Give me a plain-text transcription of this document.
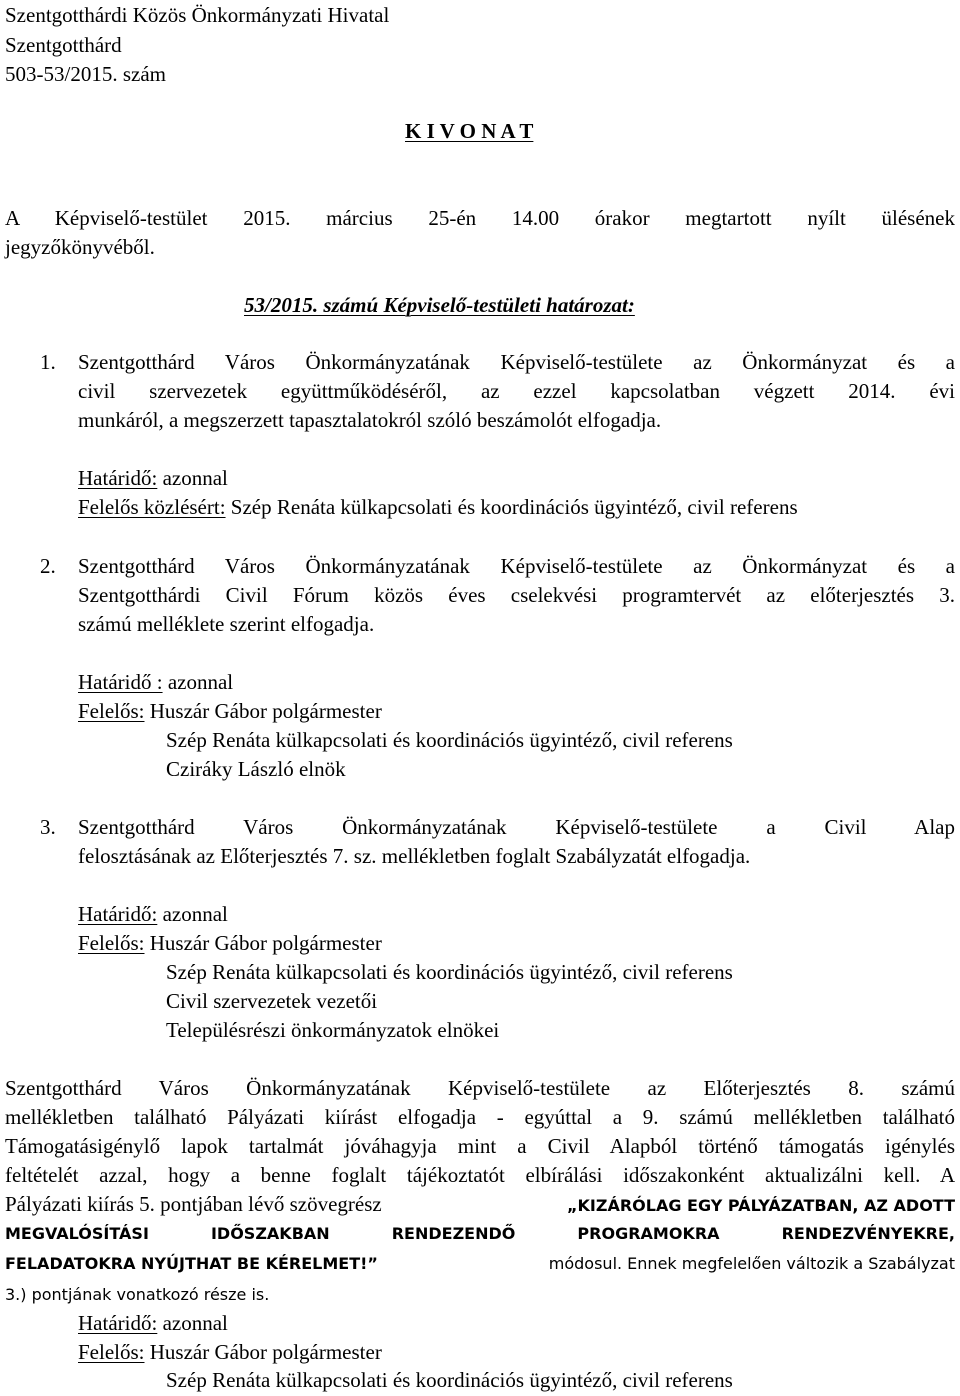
Szentgotthárdi Közös Önkormányzati Hivatal
Szentgotthárd
503-53/2015. szám
K I V O N A T
A Képviselő-testület 2015. március 25-én 14.00 órakor megtartott nyílt ülésének
jegyzőkönyvéből.
53/2015. számú Képviselő-testületi határozat:
1. Szentgotthárd Város Önkormányzatának Képviselő-testülete az Önkormányzat és a
civil szervezetek együttműködéséről, az ezzel kapcsolatban végzett 2014. évi
munkáról, a megszerzett tapasztalatokról szóló beszámolót elfogadja.
Határidő: azonnal
Felelős közlésért: Szép Renáta külkapcsolati és koordinációs ügyintéző, civil referens
2. Szentgotthárd Város Önkormányzatának Képviselő-testülete az Önkormányzat és a
Szentgotthárdi Civil Fórum közös éves cselekvési programtervét az előterjesztés 3.
számú melléklete szerint elfogadja.
Határidő : azonnal
Felelős: Huszár Gábor polgármester
Szép Renáta külkapcsolati és koordinációs ügyintéző, civil referens
Cziráky László elnök
3. Szentgotthárd Város Önkormányzatának Képviselő-testülete a Civil Alap
felosztásának az Előterjesztés 7. sz. mellékletben foglalt Szabályzatát elfogadja.
Határidő: azonnal
Felelős: Huszár Gábor polgármester
Szép Renáta külkapcsolati és koordinációs ügyintéző, civil referens
Civil szervezetek vezetői
Településrészi önkormányzatok elnökei
Szentgotthárd Város Önkormányzatának Képviselő-testülete az Előterjesztés 8. számú
mellékletben található Pályázati kiírást elfogadja - egyúttal a 9. számú mellékletben található
Támogatásigénylő lapok tartalmát jóváhagyja mint a Civil Alapból történő támogatás igénylés
feltételét azzal, hogy a benne foglalt tájékoztatót elbírálási időszakonként aktualizálni kell. A
Pályázati kiírás 5. pontjában lévő szövegrész	„KIZÁRÓLAG EGY PÁLYÁZATBAN, AZ ADOTT
MEGVALÓSÍTÁSI IDŐSZAKBAN RENDEZENDŐ PROGRAMOKRA RENDEZVÉNYEKRE,
FELADATOKRA NYÚJTHAT BE KÉRELMET!”	módosul. Ennek megfelelően változik a Szabályzat
3.) pontjának vonatkozó része is.
Határidő: azonnal
Felelős: Huszár Gábor polgármester
Szép Renáta külkapcsolati és koordinációs ügyintéző, civil referens
